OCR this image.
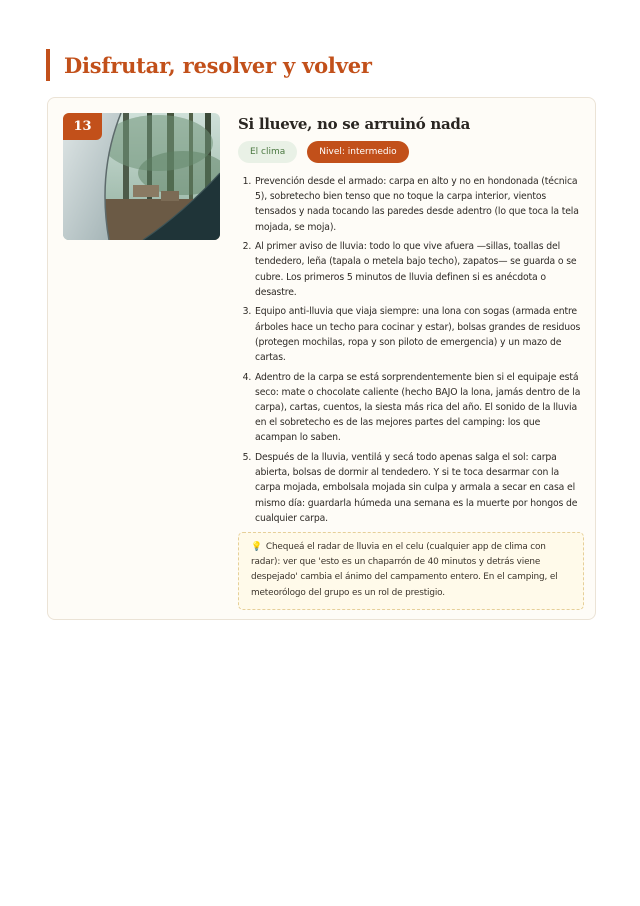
Disfrutar, resolver y volver
13	Si llueve, no se arruinó nada
El clima	Nivel: intermedio
1. Prevención desde el armado: carpa en alto y no en hondonada (técnica 5), sobretecho bien tenso que no toque la carpa interior, vientos tensados y nada tocando las paredes desde adentro (lo que toca la tela mojada, se moja).
2. Al primer aviso de lluvia: todo lo que vive afuera —sillas, toallas del tendedero, leña (tapala o metela bajo techo), zapatos— se guarda o se cubre. Los primeros 5 minutos de lluvia definen si es anécdota o desastre.
3. Equipo anti-lluvia que viaja siempre: una lona con sogas (armada entre árboles hace un techo para cocinar y estar), bolsas grandes de residuos (protegen mochilas, ropa y son piloto de emergencia) y un mazo de cartas.
4. Adentro de la carpa se está sorprendentemente bien si el equipaje está seco: mate o chocolate caliente (hecho BAJO la lona, jamás dentro de la carpa), cartas, cuentos, la siesta más rica del año. El sonido de la lluvia en el sobretecho es de las mejores partes del camping: los que acampan lo saben.
5. Después de la lluvia, ventilá y secá todo apenas salga el sol: carpa abierta, bolsas de dormir al tendedero. Y si te toca desarmar con la carpa mojada, embolsala mojada sin culpa y armala a secar en casa el mismo día: guardarla húmeda una semana es la muerte por hongos de cualquier carpa.
💡 Chequeá el radar de lluvia en el celu (cualquier app de clima con radar): ver que 'esto es un chaparrón de 40 minutos y detrás viene despejado' cambia el ánimo del campamento entero. En el camping, el meteorólogo del grupo es un rol de prestigio.
